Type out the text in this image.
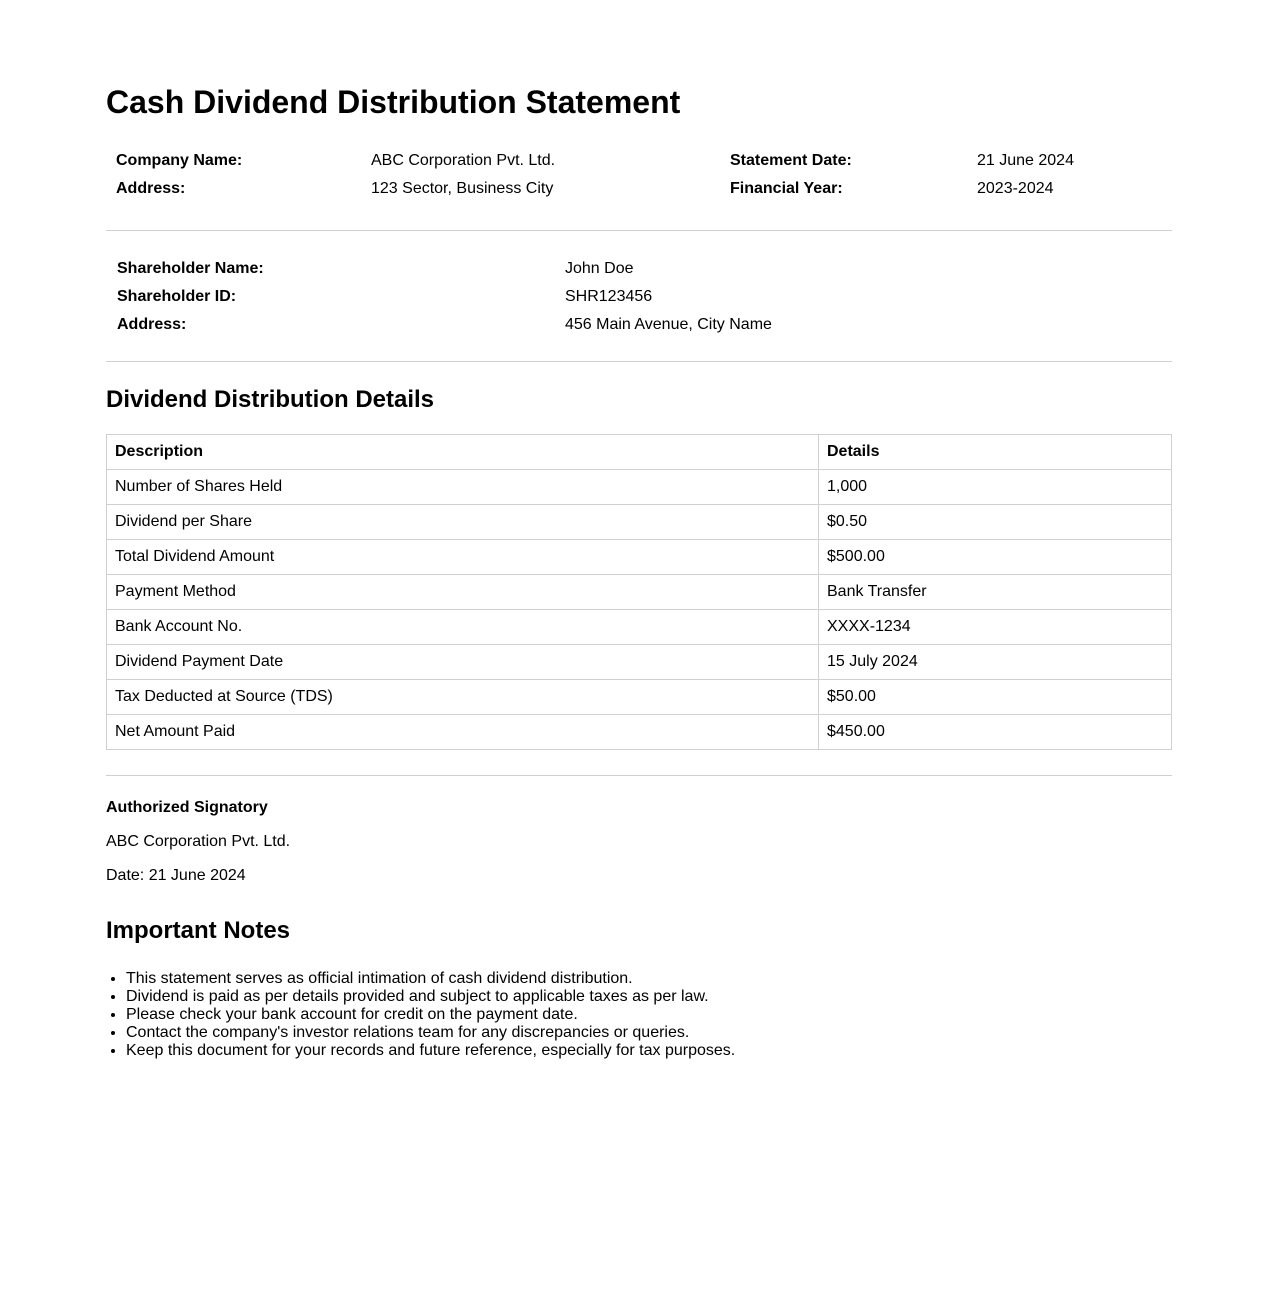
Cash Dividend Distribution Statement
Company Name:	ABC Corporation Pvt. Ltd.	Statement Date:	21 June 2024
Address:	123 Sector, Business City	Financial Year:	2023-2024
Shareholder Name:	John Doe
Shareholder ID:	SHR123456
Address:	456 Main Avenue, City Name
Dividend Distribution Details
Description	Details
Number of Shares Held	1,000
Dividend per Share	$0.50
Total Dividend Amount	$500.00
Payment Method	Bank Transfer
Bank Account No.	XXXX-1234
Dividend Payment Date	15 July 2024
Tax Deducted at Source (TDS)	$50.00
Net Amount Paid	$450.00
Authorized Signatory
ABC Corporation Pvt. Ltd.
Date: 21 June 2024
Important Notes
• This statement serves as official intimation of cash dividend distribution.
• Dividend is paid as per details provided and subject to applicable taxes as per law.
• Please check your bank account for credit on the payment date.
• Contact the company's investor relations team for any discrepancies or queries.
• Keep this document for your records and future reference, especially for tax purposes.
